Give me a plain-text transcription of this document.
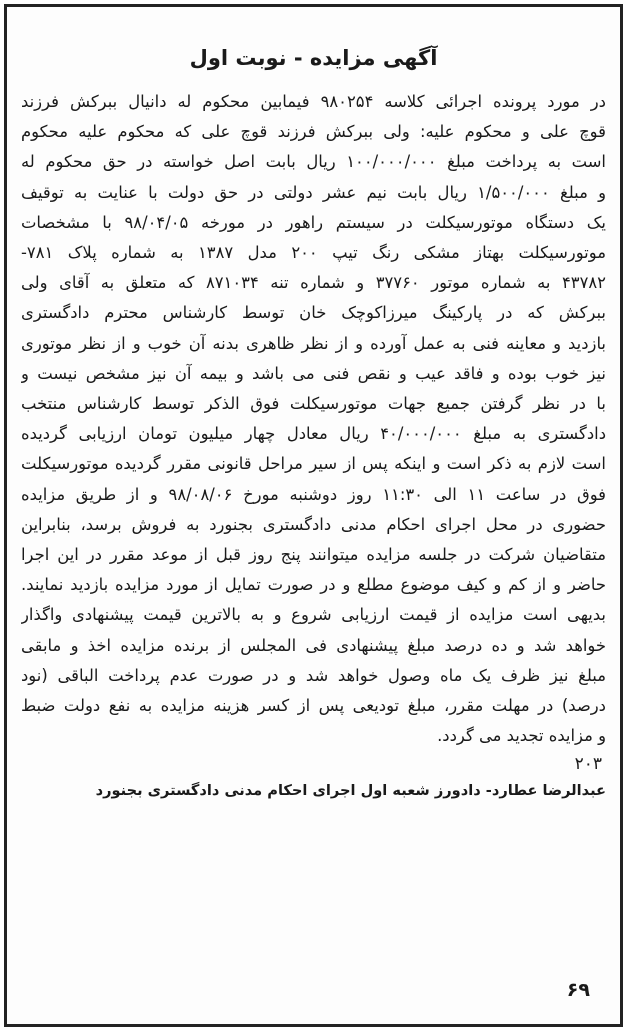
آگهی مزایده - نوبت اول
در مورد پرونده اجرائی کلاسه ۹۸۰۲۵۴ فیمابین محکوم له دانیال ببرکش فرزند
قوچ علی و محکوم علیه: ولی ببرکش فرزند قوچ علی که محکوم علیه محکوم
است به پرداخت مبلغ ۱۰۰/۰۰۰/۰۰۰ ریال بابت اصل خواسته در حق محکوم له
و مبلغ ۱/۵۰۰/۰۰۰ ریال بابت نیم عشر دولتی در حق دولت با عنایت به توقیف
یک دستگاه موتورسیکلت در سیستم راهور در مورخه ۹۸/۰۴/۰۵ با مشخصات
موتورسیکلت بهتاز مشکی رنگ تیپ ۲۰۰ مدل ۱۳۸۷ به شماره پلاک ۷۸۱-
۴۳۷۸۲ به شماره موتور ۳۷۷۶۰ و شماره تنه ۸۷۱۰۳۴ که متعلق به آقای ولی
ببرکش که در پارکینگ میرزاکوچک خان توسط کارشناس محترم دادگستری
بازدید و معاینه فنی به عمل آورده و از نظر ظاهری بدنه آن خوب و از نظر موتوری
نیز خوب بوده و فاقد عیب و نقص فنی می باشد و بیمه آن نیز مشخص نیست و
با در نظر گرفتن جمیع جهات موتورسیکلت فوق الذکر توسط کارشناس منتخب
دادگستری به مبلغ ۴۰/۰۰۰/۰۰۰ ریال معادل چهار میلیون تومان ارزیابی گردیده
است لازم به ذکر است و اینکه پس از سیر مراحل قانونی مقرر گردیده موتورسیکلت
فوق در ساعت ۱۱ الی ۱۱:۳۰ روز دوشنبه مورخ ۹۸/۰۸/۰۶ و از طریق مزایده
حضوری در محل اجرای احکام مدنی دادگستری بجنورد به فروش برسد، بنابراین
متقاضیان شرکت در جلسه مزایده میتوانند پنج روز قبل از موعد مقرر در این اجرا
حاضر و از کم و کیف موضوع مطلع و در صورت تمایل از مورد مزایده بازدید نمایند.
بدیهی است مزایده از قیمت ارزیابی شروع و به بالاترین قیمت پیشنهادی واگذار
خواهد شد و ده درصد مبلغ پیشنهادی فی المجلس از برنده مزایده اخذ و مابقی
مبلغ نیز ظرف یک ماه وصول خواهد شد و در صورت عدم پرداخت الباقی (نود
درصد) در مهلت مقرر، مبلغ تودیعی پس از کسر هزینه مزایده به نفع دولت ضبط
و مزایده تجدید می گردد.
۲۰۳
عبدالرضا عطارد- دادورز شعبه اول اجرای احکام مدنی دادگستری بجنورد
۶۹
